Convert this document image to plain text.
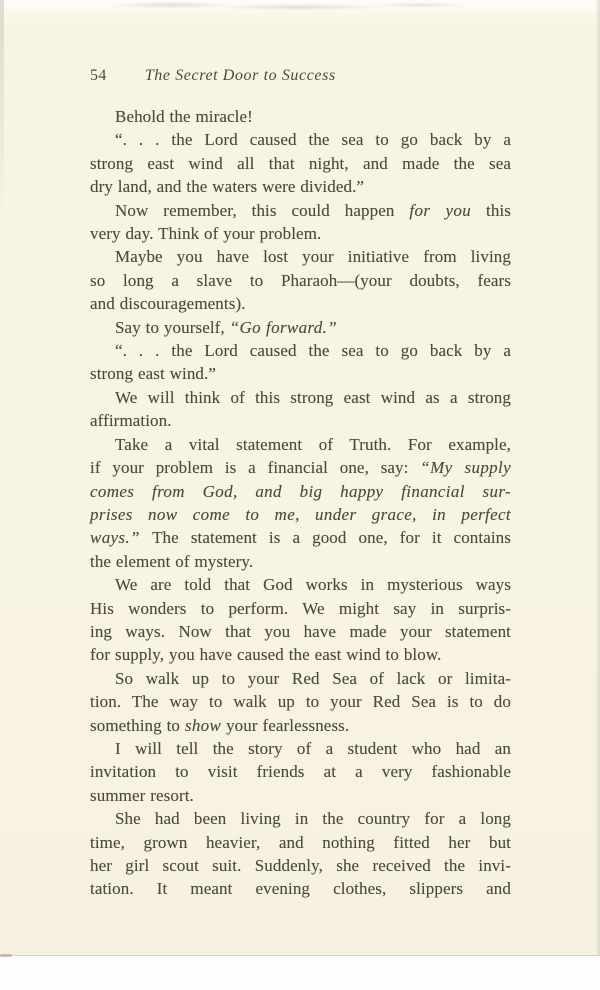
54 The Secret Door to Success
Behold the miracle!
“. . . the Lord caused the sea to go back by a
strong east wind all that night, and made the sea
dry land, and the waters were divided.”
Now remember, this could happen for you this
very day. Think of your problem.
Maybe you have lost your initiative from living
so long a slave to Pharaoh—(your doubts, fears
and discouragements).
Say to yourself, “Go forward.”
“. . . the Lord caused the sea to go back by a
strong east wind.”
We will think of this strong east wind as a strong
affirmation.
Take a vital statement of Truth. For example,
if your problem is a financial one, say: “My supply
comes from God, and big happy financial sur-
prises now come to me, under grace, in perfect
ways.” The statement is a good one, for it contains
the element of mystery.
We are told that God works in mysterious ways
His wonders to perform. We might say in surpris-
ing ways. Now that you have made your statement
for supply, you have caused the east wind to blow.
So walk up to your Red Sea of lack or limita-
tion. The way to walk up to your Red Sea is to do
something to show your fearlessness.
I will tell the story of a student who had an
invitation to visit friends at a very fashionable
summer resort.
She had been living in the country for a long
time, grown heavier, and nothing fitted her but
her girl scout suit. Suddenly, she received the invi-
tation. It meant evening clothes, slippers and
